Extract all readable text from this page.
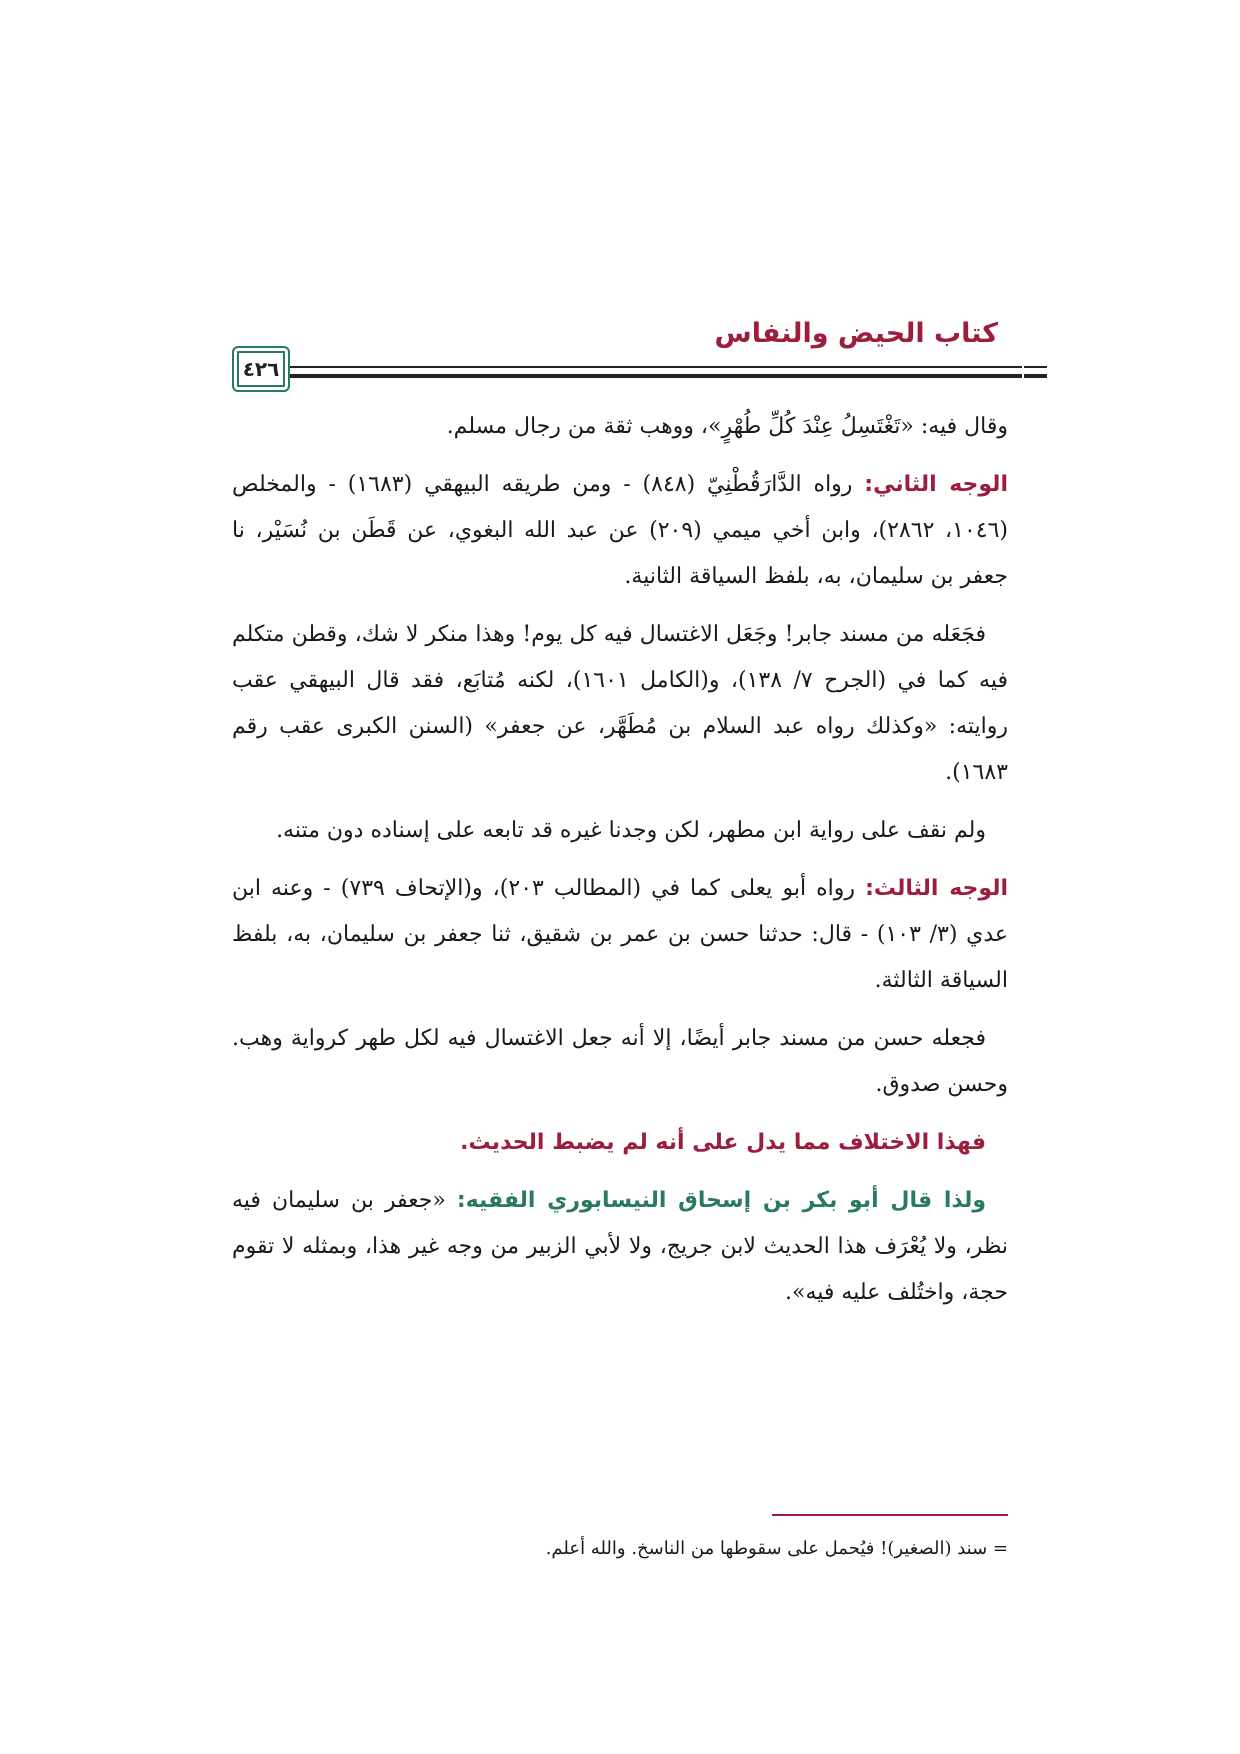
كتاب الحيض والنفاس
٤٢٦

وقال فيه: «تَغْتَسِلُ عِنْدَ كُلِّ طُهْرٍ»، ووهب ثقة من رجال مسلم.

الوجه الثاني: رواه الدَّارَقُطْنِيّ (٨٤٨) - ومن طريقه البيهقي (١٦٨٣) - والمخلص (١٠٤٦، ٢٨٦٢)، وابن أخي ميمي (٢٠٩) عن عبد الله البغوي، عن قَطَن بن نُسَيْر، نا جعفر بن سليمان، به، بلفظ السياقة الثانية.

فجَعَله من مسند جابر! وجَعَل الاغتسال فيه كل يوم! وهذا منكر لا شك، وقطن متكلم فيه كما في (الجرح ٧/ ١٣٨)، و(الكامل ١٦٠١)، لكنه مُتابَع، فقد قال البيهقي عقب روايته: «وكذلك رواه عبد السلام بن مُطَهَّر، عن جعفر» (السنن الكبرى عقب رقم ١٦٨٣).

ولم نقف على رواية ابن مطهر، لكن وجدنا غيره قد تابعه على إسناده دون متنه.

الوجه الثالث: رواه أبو يعلى كما في (المطالب ٢٠٣)، و(الإتحاف ٧٣٩) - وعنه ابن عدي (٣/ ١٠٣) - قال: حدثنا حسن بن عمر بن شقيق، ثنا جعفر بن سليمان، به، بلفظ السياقة الثالثة.

فجعله حسن من مسند جابر أيضًا، إلا أنه جعل الاغتسال فيه لكل طهر كرواية وهب. وحسن صدوق.

فهذا الاختلاف مما يدل على أنه لم يضبط الحديث.

ولذا قال أبو بكر بن إسحاق النيسابوري الفقيه: «جعفر بن سليمان فيه نظر، ولا يُعْرَف هذا الحديث لابن جريج، ولا لأبي الزبير من وجه غير هذا، وبمثله لا تقوم حجة، واختُلف عليه فيه».

= سند (الصغير)! فيُحمل على سقوطها من الناسخ. والله أعلم.
